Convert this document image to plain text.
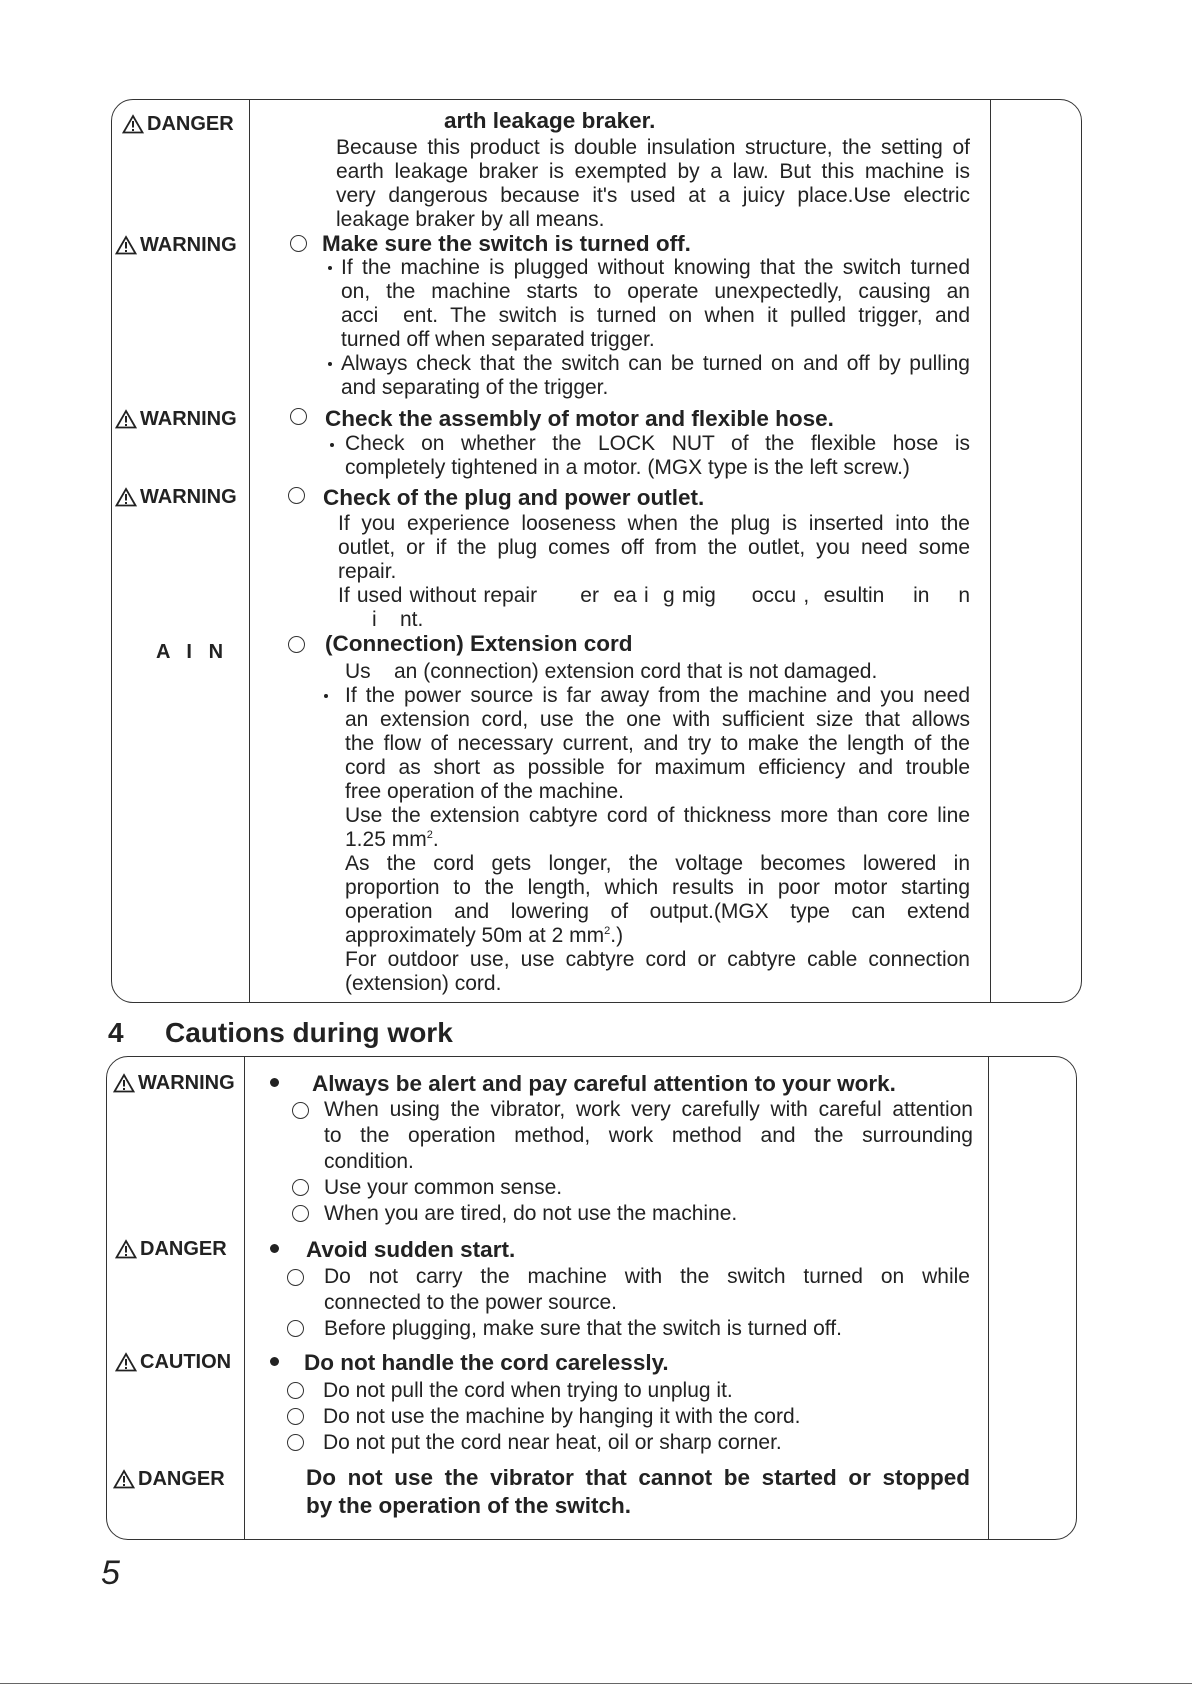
DANGER
WARNING
WARNING
WARNING
A   I   N
arth leakage braker.
Because this product is double insulation structure, the setting of
earth leakage braker is exempted by a law. But this machine is
very dangerous because it's used at a juicy place.Use electric
leakage braker by all means.
Make sure the switch is turned off.
If the machine is plugged without knowing that the switch turned
on, the machine starts to operate unexpectedly, causing an
acci  ent. The switch is turned on when it pulled trigger, and
turned off when separated trigger.
Always check that the switch can be turned on and off by pulling
and separating of the trigger.
Check the assembly of motor and flexible hose.
Check on whether the LOCK NUT of the flexible hose is
completely tightened in a motor. (MGX type is the left screw.)
Check of the plug and power outlet.
If you experience looseness when the plug is inserted into the
outlet, or if the plug comes off from the outlet, you need some
repair.
If used without repair      er  ea i  g mig     occu ,  esultin    in    n
i    nt.
(Connection) Extension cord
Us    an (connection) extension cord that is not damaged.
If the power source is far away from the machine and you need
an extension cord, use the one with sufficient size that allows
the flow of necessary current, and try to make the length of the
cord as short as possible for maximum efficiency and trouble
free operation of the machine.
Use the extension cabtyre cord of thickness more than core line
1.25 $mm^2$.
As the cord gets longer, the voltage becomes lowered in
proportion to the length, which results in poor motor starting
operation and lowering of output.(MGX type can extend
approximately 50m at 2 $mm^2$.)
For outdoor use, use cabtyre cord or cabtyre cable connection
(extension) cord.
4 Cautions during work
WARNING
DANGER
CAUTION
DANGER
Always be alert and pay careful attention to your work.
When using the vibrator, work very carefully with careful attention
to the operation method, work method and the surrounding
condition.
Use your common sense.
When you are tired, do not use the machine.
Avoid sudden start.
Do not carry the machine with the switch turned on while
connected to the power source.
Before plugging, make sure that the switch is turned off.
Do not handle the cord carelessly.
Do not pull the cord when trying to unplug it.
Do not use the machine by hanging it with the cord.
Do not put the cord near heat, oil or sharp corner.
Do not use the vibrator that cannot be started or stopped
by the operation of the switch.
5
